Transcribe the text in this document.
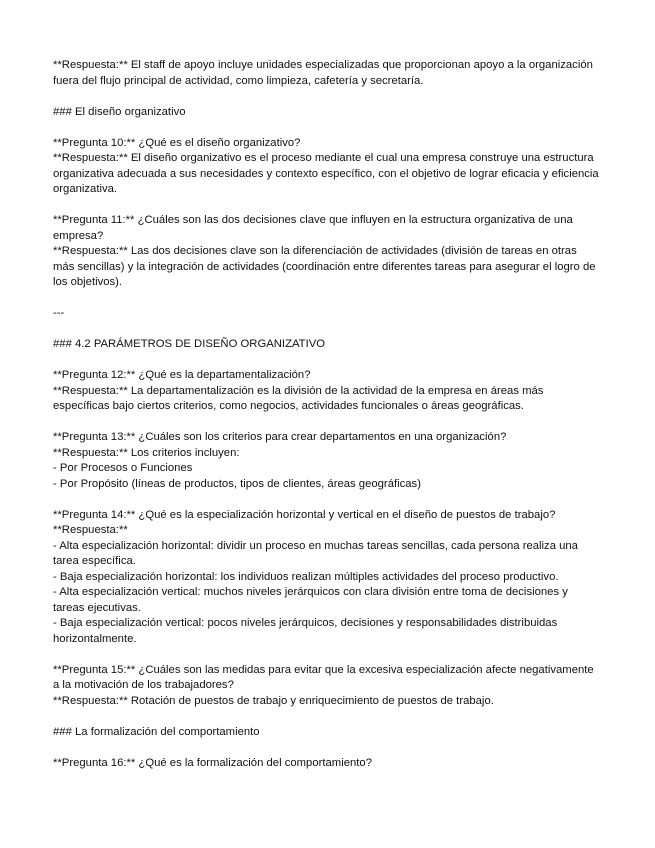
**Respuesta:** El staff de apoyo incluye unidades especializadas que proporcionan apoyo a la organización fuera del flujo principal de actividad, como limpieza, cafetería y secretaría.
### El diseño organizativo
**Pregunta 10:** ¿Qué es el diseño organizativo?
**Respuesta:** El diseño organizativo es el proceso mediante el cual una empresa construye una estructura organizativa adecuada a sus necesidades y contexto específico, con el objetivo de lograr eficacia y eficiencia organizativa.
**Pregunta 11:** ¿Cuáles son las dos decisiones clave que influyen en la estructura organizativa de una empresa?
**Respuesta:** Las dos decisiones clave son la diferenciación de actividades (división de tareas en otras más sencillas) y la integración de actividades (coordinación entre diferentes tareas para asegurar el logro de los objetivos).
---
### 4.2 PARÁMETROS DE DISEÑO ORGANIZATIVO
**Pregunta 12:** ¿Qué es la departamentalización?
**Respuesta:** La departamentalización es la división de la actividad de la empresa en áreas más específicas bajo ciertos criterios, como negocios, actividades funcionales o áreas geográficas.
**Pregunta 13:** ¿Cuáles son los criterios para crear departamentos en una organización?
**Respuesta:** Los criterios incluyen:
- Por Procesos o Funciones
- Por Propósito (líneas de productos, tipos de clientes, áreas geográficas)
**Pregunta 14:** ¿Qué es la especialización horizontal y vertical en el diseño de puestos de trabajo?
**Respuesta:**
- Alta especialización horizontal: dividir un proceso en muchas tareas sencillas, cada persona realiza una tarea específica.
- Baja especialización horizontal: los individuos realizan múltiples actividades del proceso productivo.
- Alta especialización vertical: muchos niveles jerárquicos con clara división entre toma de decisiones y tareas ejecutivas.
- Baja especialización vertical: pocos niveles jerárquicos, decisiones y responsabilidades distribuidas horizontalmente.
**Pregunta 15:** ¿Cuáles son las medidas para evitar que la excesiva especialización afecte negativamente a la motivación de los trabajadores?
**Respuesta:** Rotación de puestos de trabajo y enriquecimiento de puestos de trabajo.
### La formalización del comportamiento
**Pregunta 16:** ¿Qué es la formalización del comportamiento?
